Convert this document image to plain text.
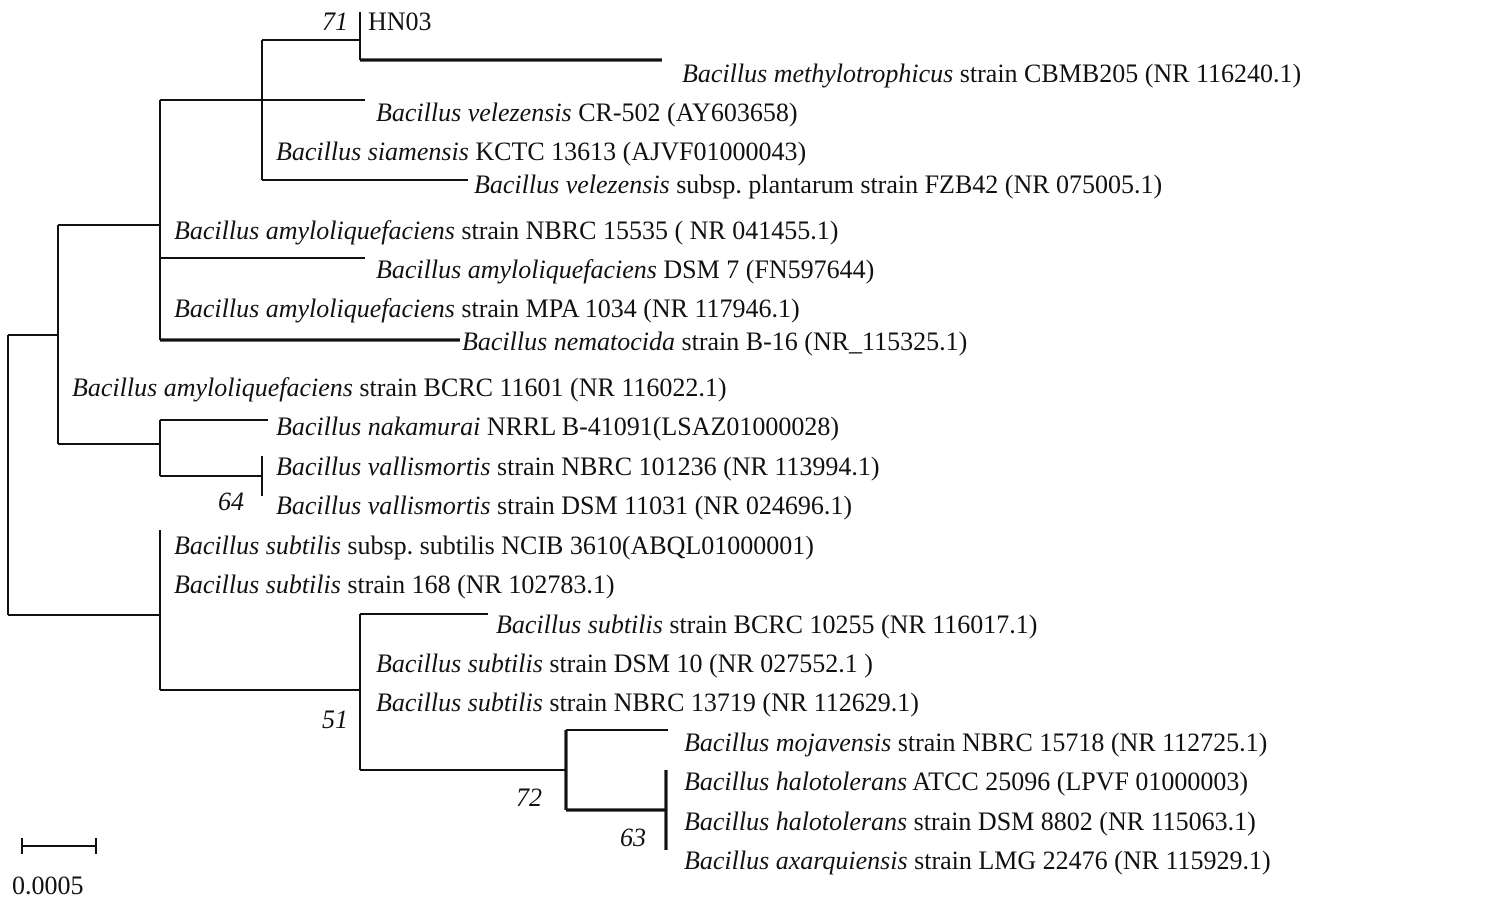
71
64
51
72
63
HN03
Bacillus methylotrophicus strain CBMB205 (NR 116240.1)
Bacillus velezensis CR-502 (AY603658)
Bacillus siamensis KCTC 13613 (AJVF01000043)
Bacillus velezensis subsp. plantarum strain FZB42 (NR 075005.1)
Bacillus amyloliquefaciens strain NBRC 15535 ( NR 041455.1)
Bacillus amyloliquefaciens DSM 7 (FN597644)
Bacillus amyloliquefaciens strain MPA 1034 (NR 117946.1)
Bacillus nematocida strain B-16 (NR_115325.1)
Bacillus amyloliquefaciens strain BCRC 11601 (NR 116022.1)
Bacillus nakamurai NRRL B-41091(LSAZ01000028)
Bacillus vallismortis strain NBRC 101236 (NR 113994.1)
Bacillus vallismortis strain DSM 11031 (NR 024696.1)
Bacillus subtilis subsp. subtilis NCIB 3610(ABQL01000001)
Bacillus subtilis strain 168 (NR 102783.1)
Bacillus subtilis strain BCRC 10255 (NR 116017.1)
Bacillus subtilis strain DSM 10 (NR 027552.1 )
Bacillus subtilis strain NBRC 13719 (NR 112629.1)
Bacillus mojavensis strain NBRC 15718 (NR 112725.1)
Bacillus halotolerans ATCC 25096 (LPVF 01000003)
Bacillus halotolerans strain DSM 8802 (NR 115063.1)
Bacillus axarquiensis strain LMG 22476 (NR 115929.1)
0.0005
